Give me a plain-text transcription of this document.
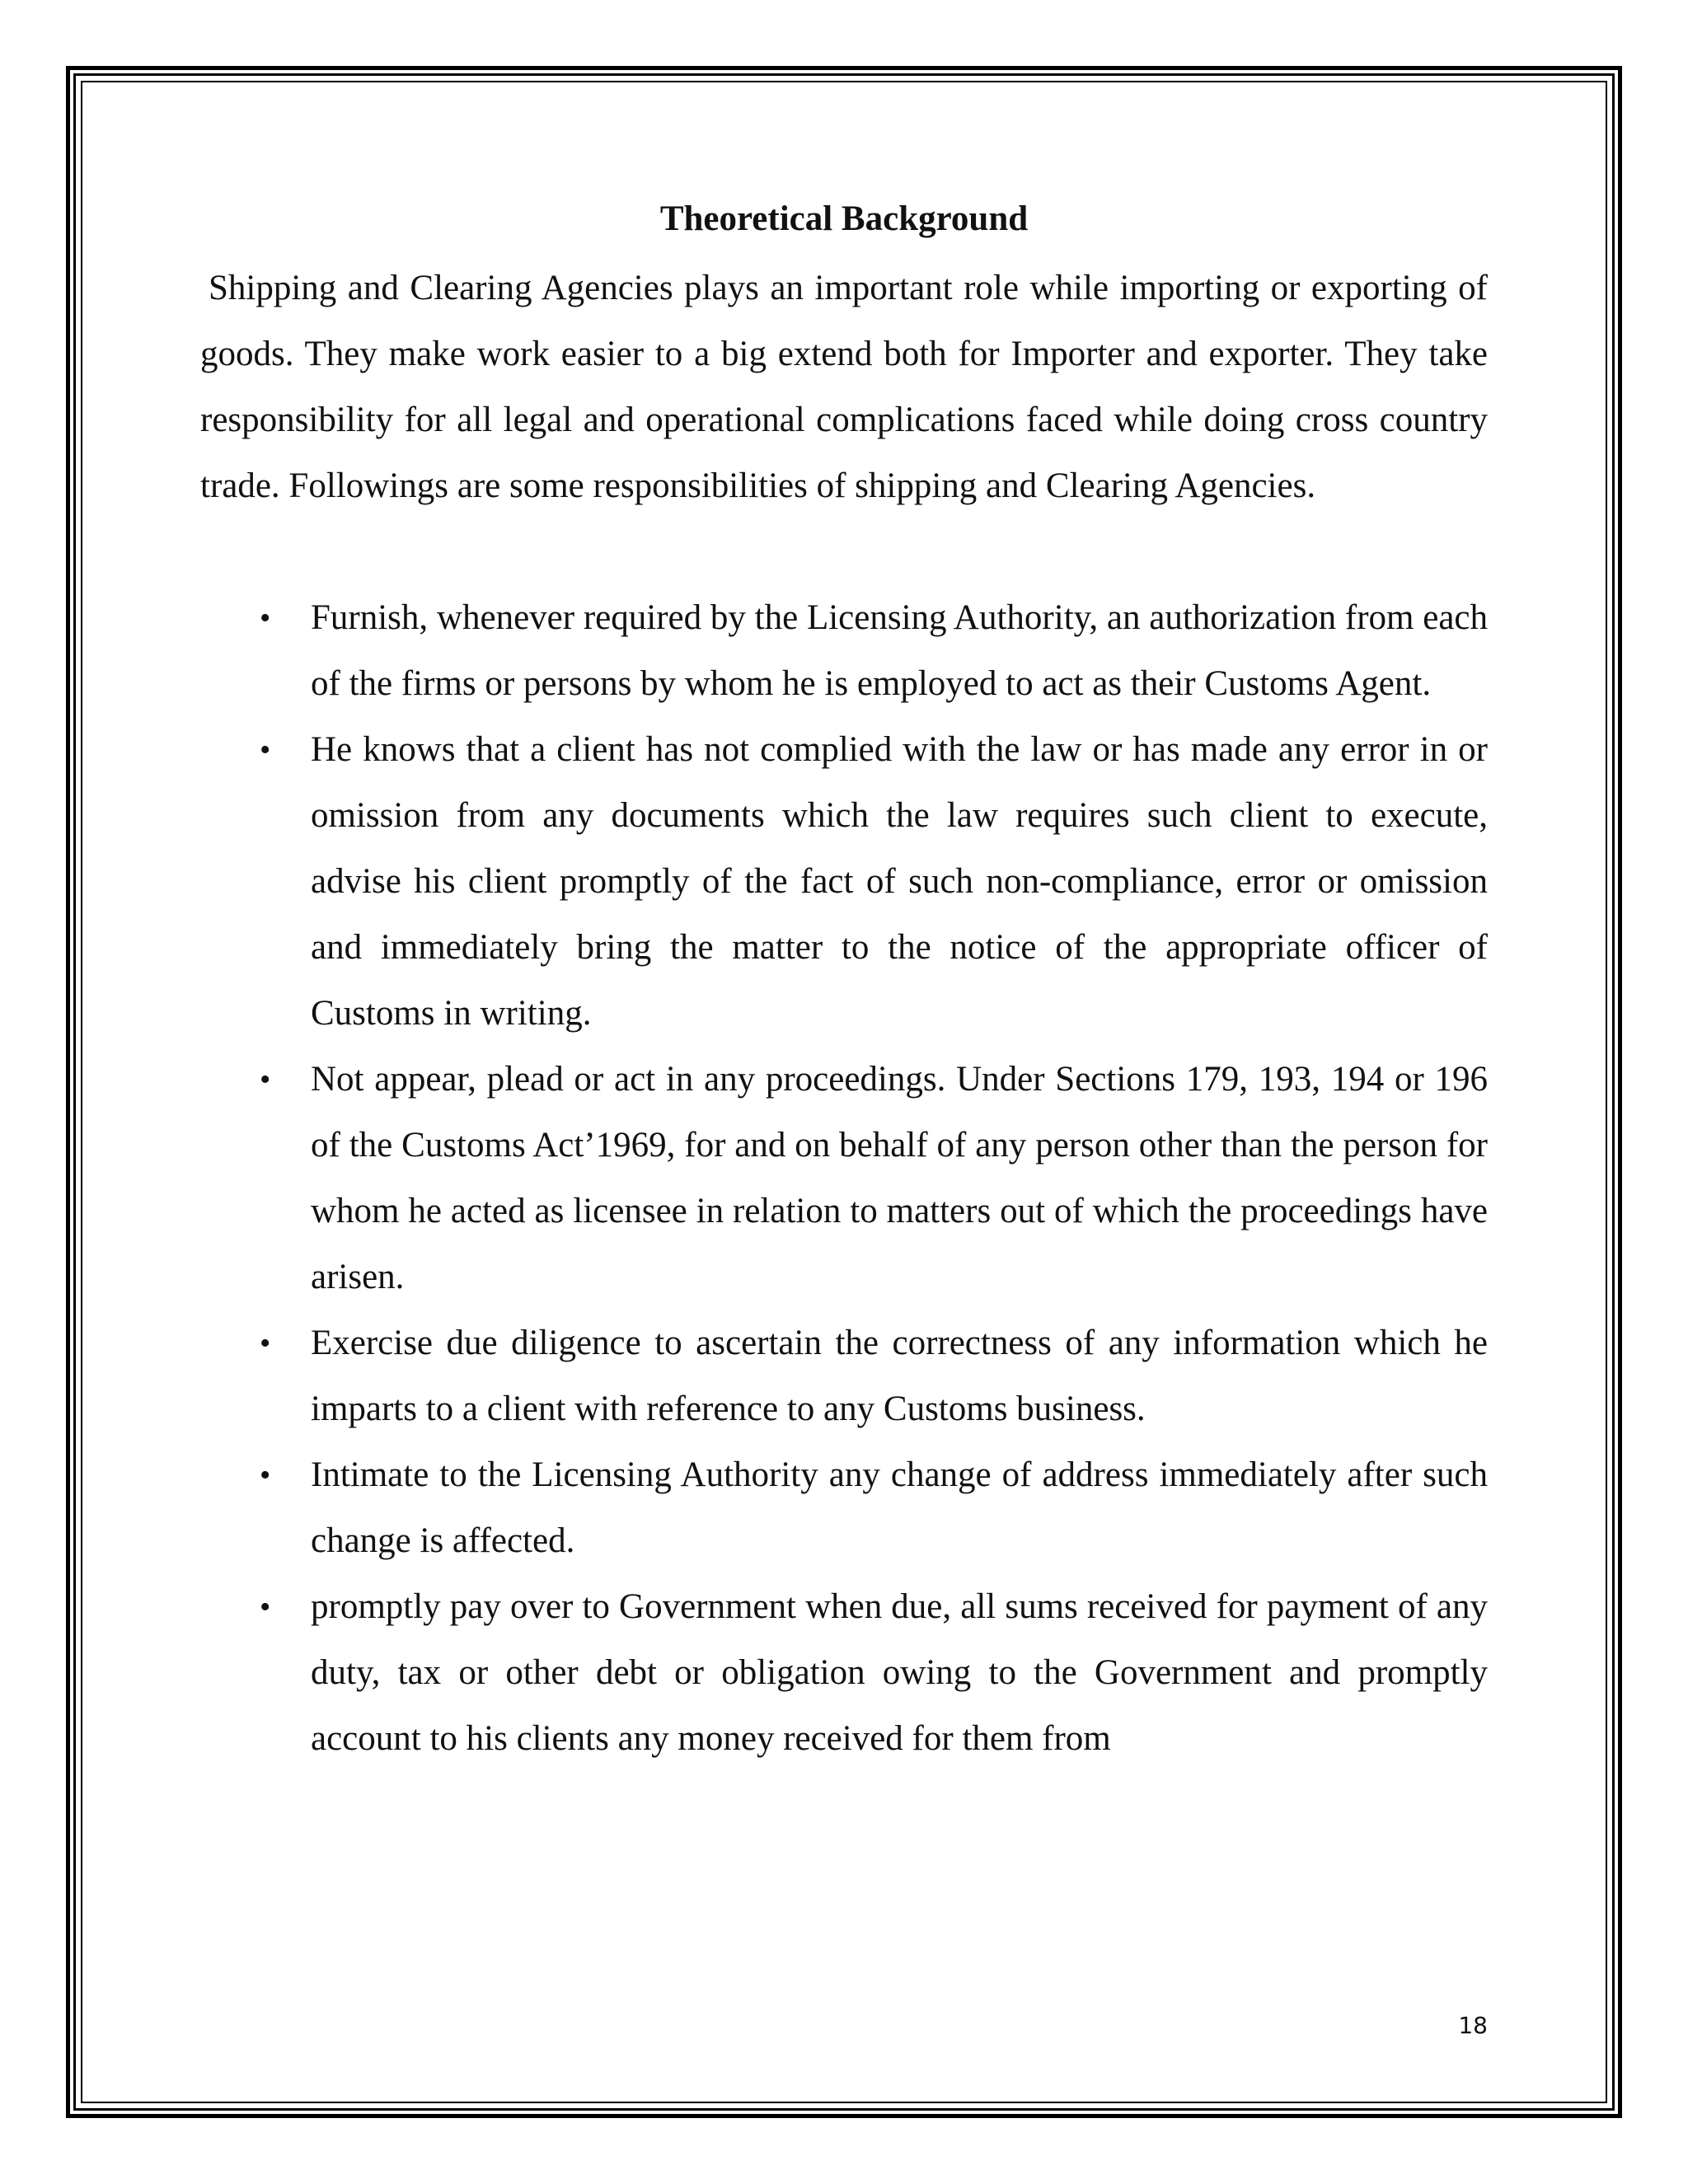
Theoretical Background

Shipping and Clearing Agencies plays an important role while importing or exporting of goods. They make work easier to a big extend both for Importer and exporter. They take responsibility for all legal and operational complications faced while doing cross country trade. Followings are some responsibilities of shipping and Clearing Agencies.

• Furnish, whenever required by the Licensing Authority, an authorization from each of the firms or persons by whom he is employed to act as their Customs Agent.
• He knows that a client has not complied with the law or has made any error in or omission from any documents which the law requires such client to execute, advise his client promptly of the fact of such non-compliance, error or omission and immediately bring the matter to the notice of the appropriate officer of Customs in writing.
• Not appear, plead or act in any proceedings. Under Sections 179, 193, 194 or 196 of the Customs Act’1969, for and on behalf of any person other than the person for whom he acted as licensee in relation to matters out of which the proceedings have arisen.
• Exercise due diligence to ascertain the correctness of any information which he imparts to a client with reference to any Customs business.
• Intimate to the Licensing Authority any change of address immediately after such change is affected.
• promptly pay over to Government when due, all sums received for payment of any duty, tax or other debt or obligation owing to the Government and promptly account to his clients any money received for them from
18
